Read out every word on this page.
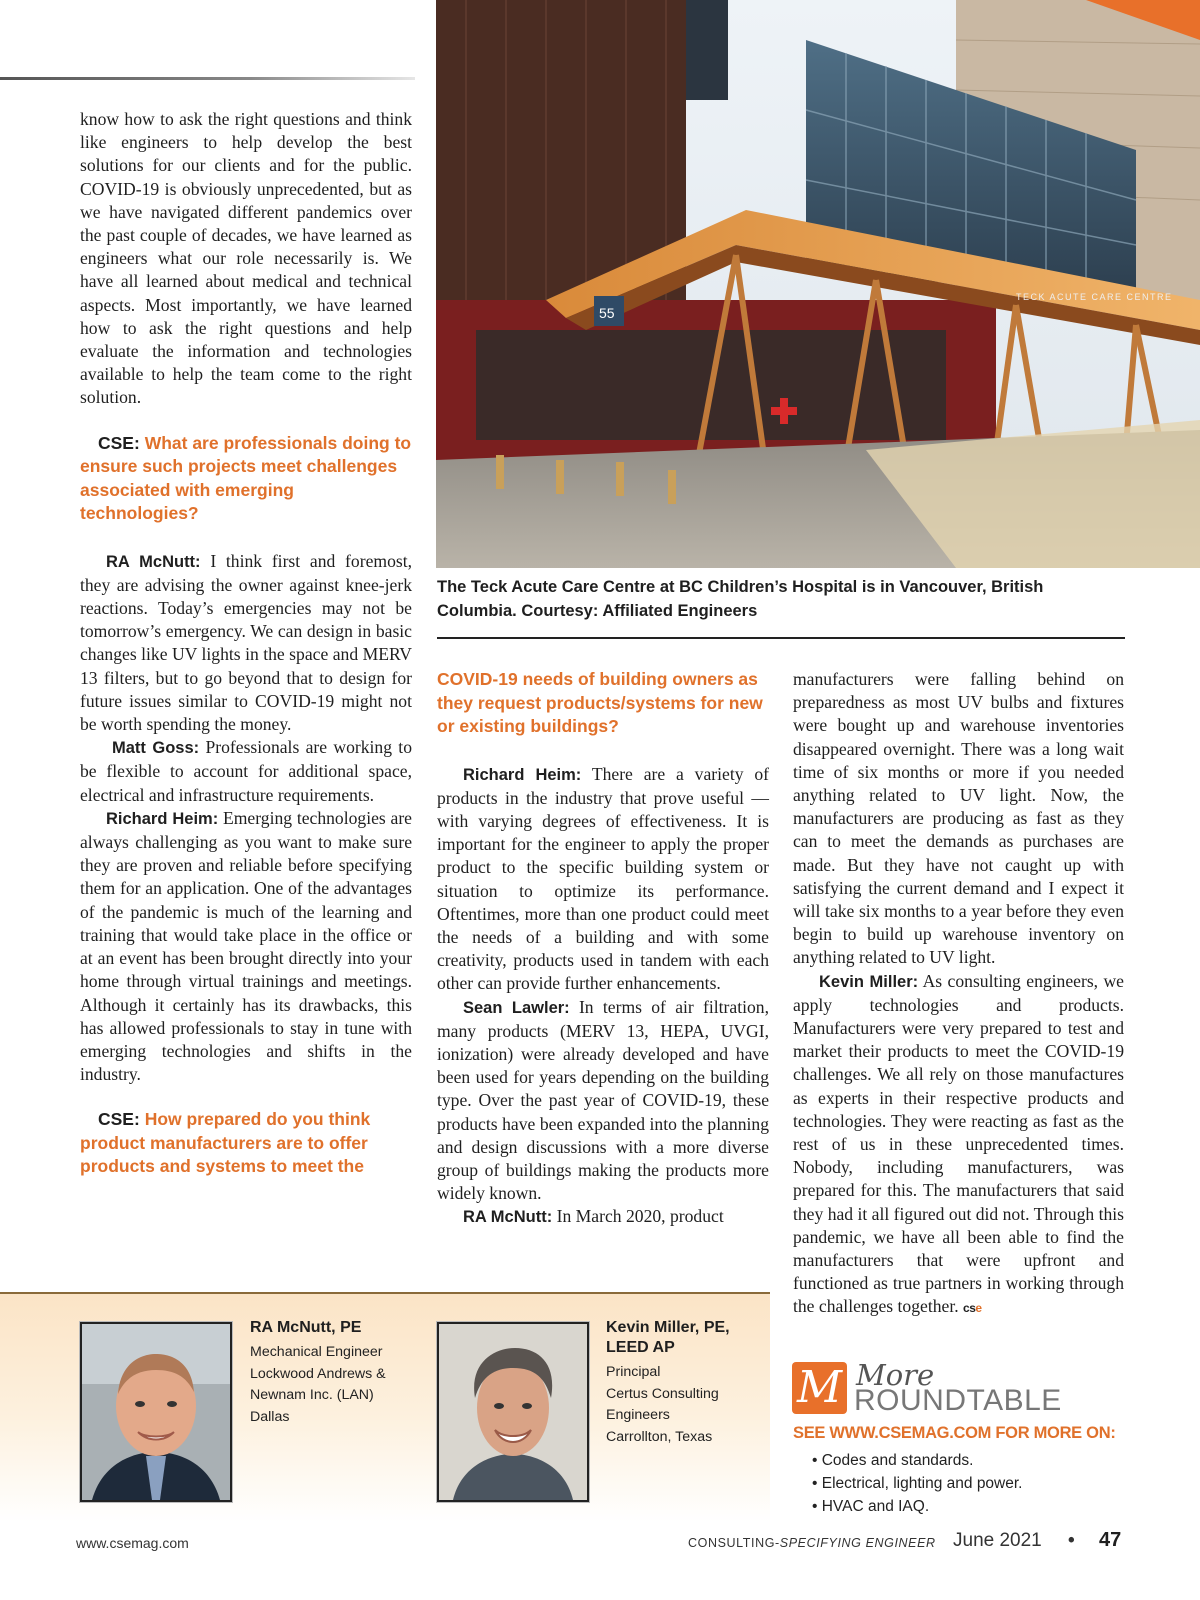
TECK ACUTE CARE CENTRE
55
The Teck Acute Care Centre at BC Children’s Hospital is in Vancouver, British Columbia. Courtesy: Affiliated Engineers

know how to ask the right questions and think like engineers to help develop the best solutions for our clients and for the public. COVID-19 is obviously unprecedented, but as we have navigated different pandemics over the past couple of decades, we have learned as engineers what our role necessarily is. We have all learned about medical and technical aspects. Most importantly, we have learned how to ask the right questions and help evaluate the information and technologies available to help the team come to the right solution.

CSE: What are professionals doing to ensure such projects meet challenges associated with emerging technologies?

RA McNutt: I think first and foremost, they are advising the owner against knee-jerk reactions. Today’s emergencies may not be tomorrow’s emergency. We can design in basic changes like UV lights in the space and MERV 13 filters, but to go beyond that to design for future issues similar to COVID-19 might not be worth spending the money.

Matt Goss: Professionals are working to be flexible to account for additional space, electrical and infrastructure requirements.

Richard Heim: Emerging technologies are always challenging as you want to make sure they are proven and reliable before specifying them for an application. One of the advantages of the pandemic is much of the learning and training that would take place in the office or at an event has been brought directly into your home through virtual trainings and meetings. Although it certainly has its drawbacks, this has allowed professionals to stay in tune with emerging technologies and shifts in the industry.

CSE: How prepared do you think product manufacturers are to offer products and systems to meet the

COVID-19 needs of building owners as they request products/systems for new or existing buildings?

Richard Heim: There are a variety of products in the industry that prove useful — with varying degrees of effectiveness. It is important for the engineer to apply the proper product to the specific building system or situation to optimize its performance. Oftentimes, more than one product could meet the needs of a building and with some creativity, products used in tandem with each other can provide further enhancements.

Sean Lawler: In terms of air filtration, many products (MERV 13, HEPA, UVGI, ionization) were already developed and have been used for years depending on the building type. Over the past year of COVID-19, these products have been expanded into the planning and design discussions with a more diverse group of buildings making the products more widely known.

RA McNutt: In March 2020, product

manufacturers were falling behind on preparedness as most UV bulbs and fixtures were bought up and warehouse inventories disappeared overnight. There was a long wait time of six months or more if you needed anything related to UV light. Now, the manufacturers are producing as fast as they can to meet the demands as purchases are made. But they have not caught up with satisfying the current demand and I expect it will take six months to a year before they even begin to build up warehouse inventory on anything related to UV light.

Kevin Miller: As consulting engineers, we apply technologies and products. Manufacturers were very prepared to test and market their products to meet the COVID-19 challenges. We all rely on those manufactures as experts in their respective products and technologies. They were reacting as fast as the rest of us in these unprecedented times. Nobody, including manufacturers, was prepared for this. The manufacturers that said they had it all figured out did not. Through this pandemic, we have all been able to find the manufacturers that were upfront and functioned as true partners in working through the challenges together. cse

RA McNutt, PE
Mechanical Engineer
Lockwood Andrews &
Newnam Inc. (LAN)
Dallas
Kevin Miller, PE,
LEED AP
Principal
Certus Consulting
Engineers
Carrollton, Texas
M More
ROUNDTABLE
SEE WWW.CSEMAG.COM FOR MORE ON:
• Codes and standards.
• Electrical, lighting and power.
• HVAC and IAQ.
www.csemag.com	CONSULTING-SPECIFYING ENGINEER June 2021 • 47
